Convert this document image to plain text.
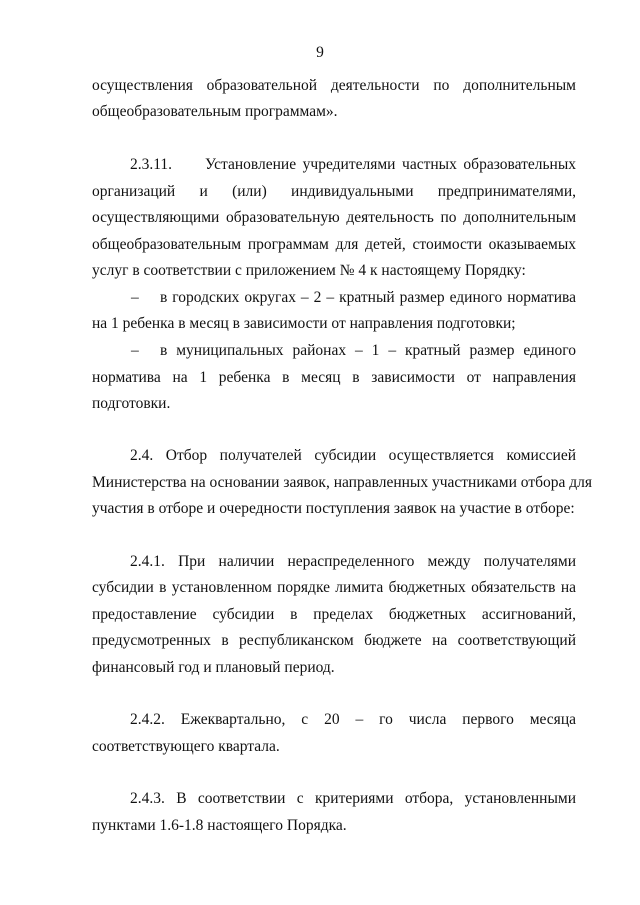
9
осуществления образовательной деятельности по дополнительным
общеобразовательным программам».
2.3.11. Установление учредителями частных образовательных
организаций и (или) индивидуальными предпринимателями,
осуществляющими образовательную деятельность по дополнительным
общеобразовательным программам для детей, стоимости оказываемых
услуг в соответствии с приложением № 4 к настоящему Порядку:
– в городских округах – 2 – кратный размер единого норматива
на 1 ребенка в месяц в зависимости от направления подготовки;
– в муниципальных районах – 1 – кратный размер единого
норматива на 1 ребенка в месяц в зависимости от направления
подготовки.
2.4. Отбор получателей субсидии осуществляется комиссией
Министерства на основании заявок, направленных участниками отбора для
участия в отборе и очередности поступления заявок на участие в отборе:
2.4.1. При наличии нераспределенного между получателями
субсидии в установленном порядке лимита бюджетных обязательств на
предоставление субсидии в пределах бюджетных ассигнований,
предусмотренных в республиканском бюджете на соответствующий
финансовый год и плановый период.
2.4.2. Ежеквартально, с 20 – го числа первого месяца
соответствующего квартала.
2.4.3. В соответствии с критериями отбора, установленными
пунктами 1.6-1.8 настоящего Порядка.
